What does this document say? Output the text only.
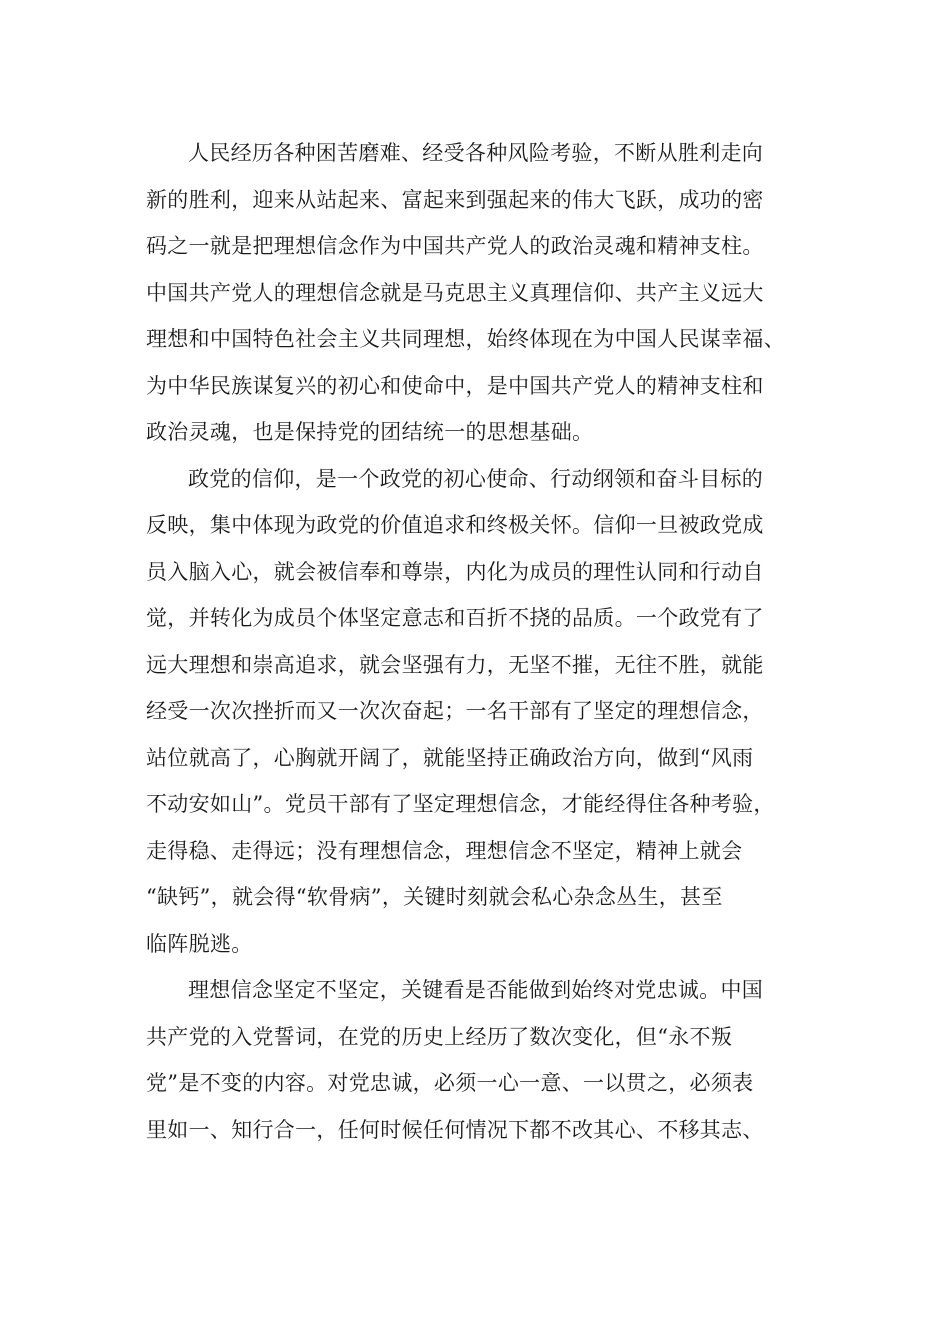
人民经历各种困苦磨难、经受各种风险考验，不断从胜利走向
新的胜利，迎来从站起来、富起来到强起来的伟大飞跃，成功的密
码之一就是把理想信念作为中国共产党人的政治灵魂和精神支柱。
中国共产党人的理想信念就是马克思主义真理信仰、共产主义远大
理想和中国特色社会主义共同理想，始终体现在为中国人民谋幸福、
为中华民族谋复兴的初心和使命中，是中国共产党人的精神支柱和
政治灵魂，也是保持党的团结统一的思想基础。
政党的信仰，是一个政党的初心使命、行动纲领和奋斗目标的
反映，集中体现为政党的价值追求和终极关怀。信仰一旦被政党成
员入脑入心，就会被信奉和尊崇，内化为成员的理性认同和行动自
觉，并转化为成员个体坚定意志和百折不挠的品质。一个政党有了
远大理想和崇高追求，就会坚强有力，无坚不摧，无往不胜，就能
经受一次次挫折而又一次次奋起；一名干部有了坚定的理想信念，
站位就高了，心胸就开阔了，就能坚持正确政治方向，做到“风雨
不动安如山”。党员干部有了坚定理想信念，才能经得住各种考验，
走得稳、走得远；没有理想信念，理想信念不坚定，精神上就会
“缺钙”，就会得“软骨病”，关键时刻就会私心杂念丛生，甚至
临阵脱逃。
理想信念坚定不坚定，关键看是否能做到始终对党忠诚。中国
共产党的入党誓词，在党的历史上经历了数次变化，但“永不叛
党”是不变的内容。对党忠诚，必须一心一意、一以贯之，必须表
里如一、知行合一，任何时候任何情况下都不改其心、不移其志、
